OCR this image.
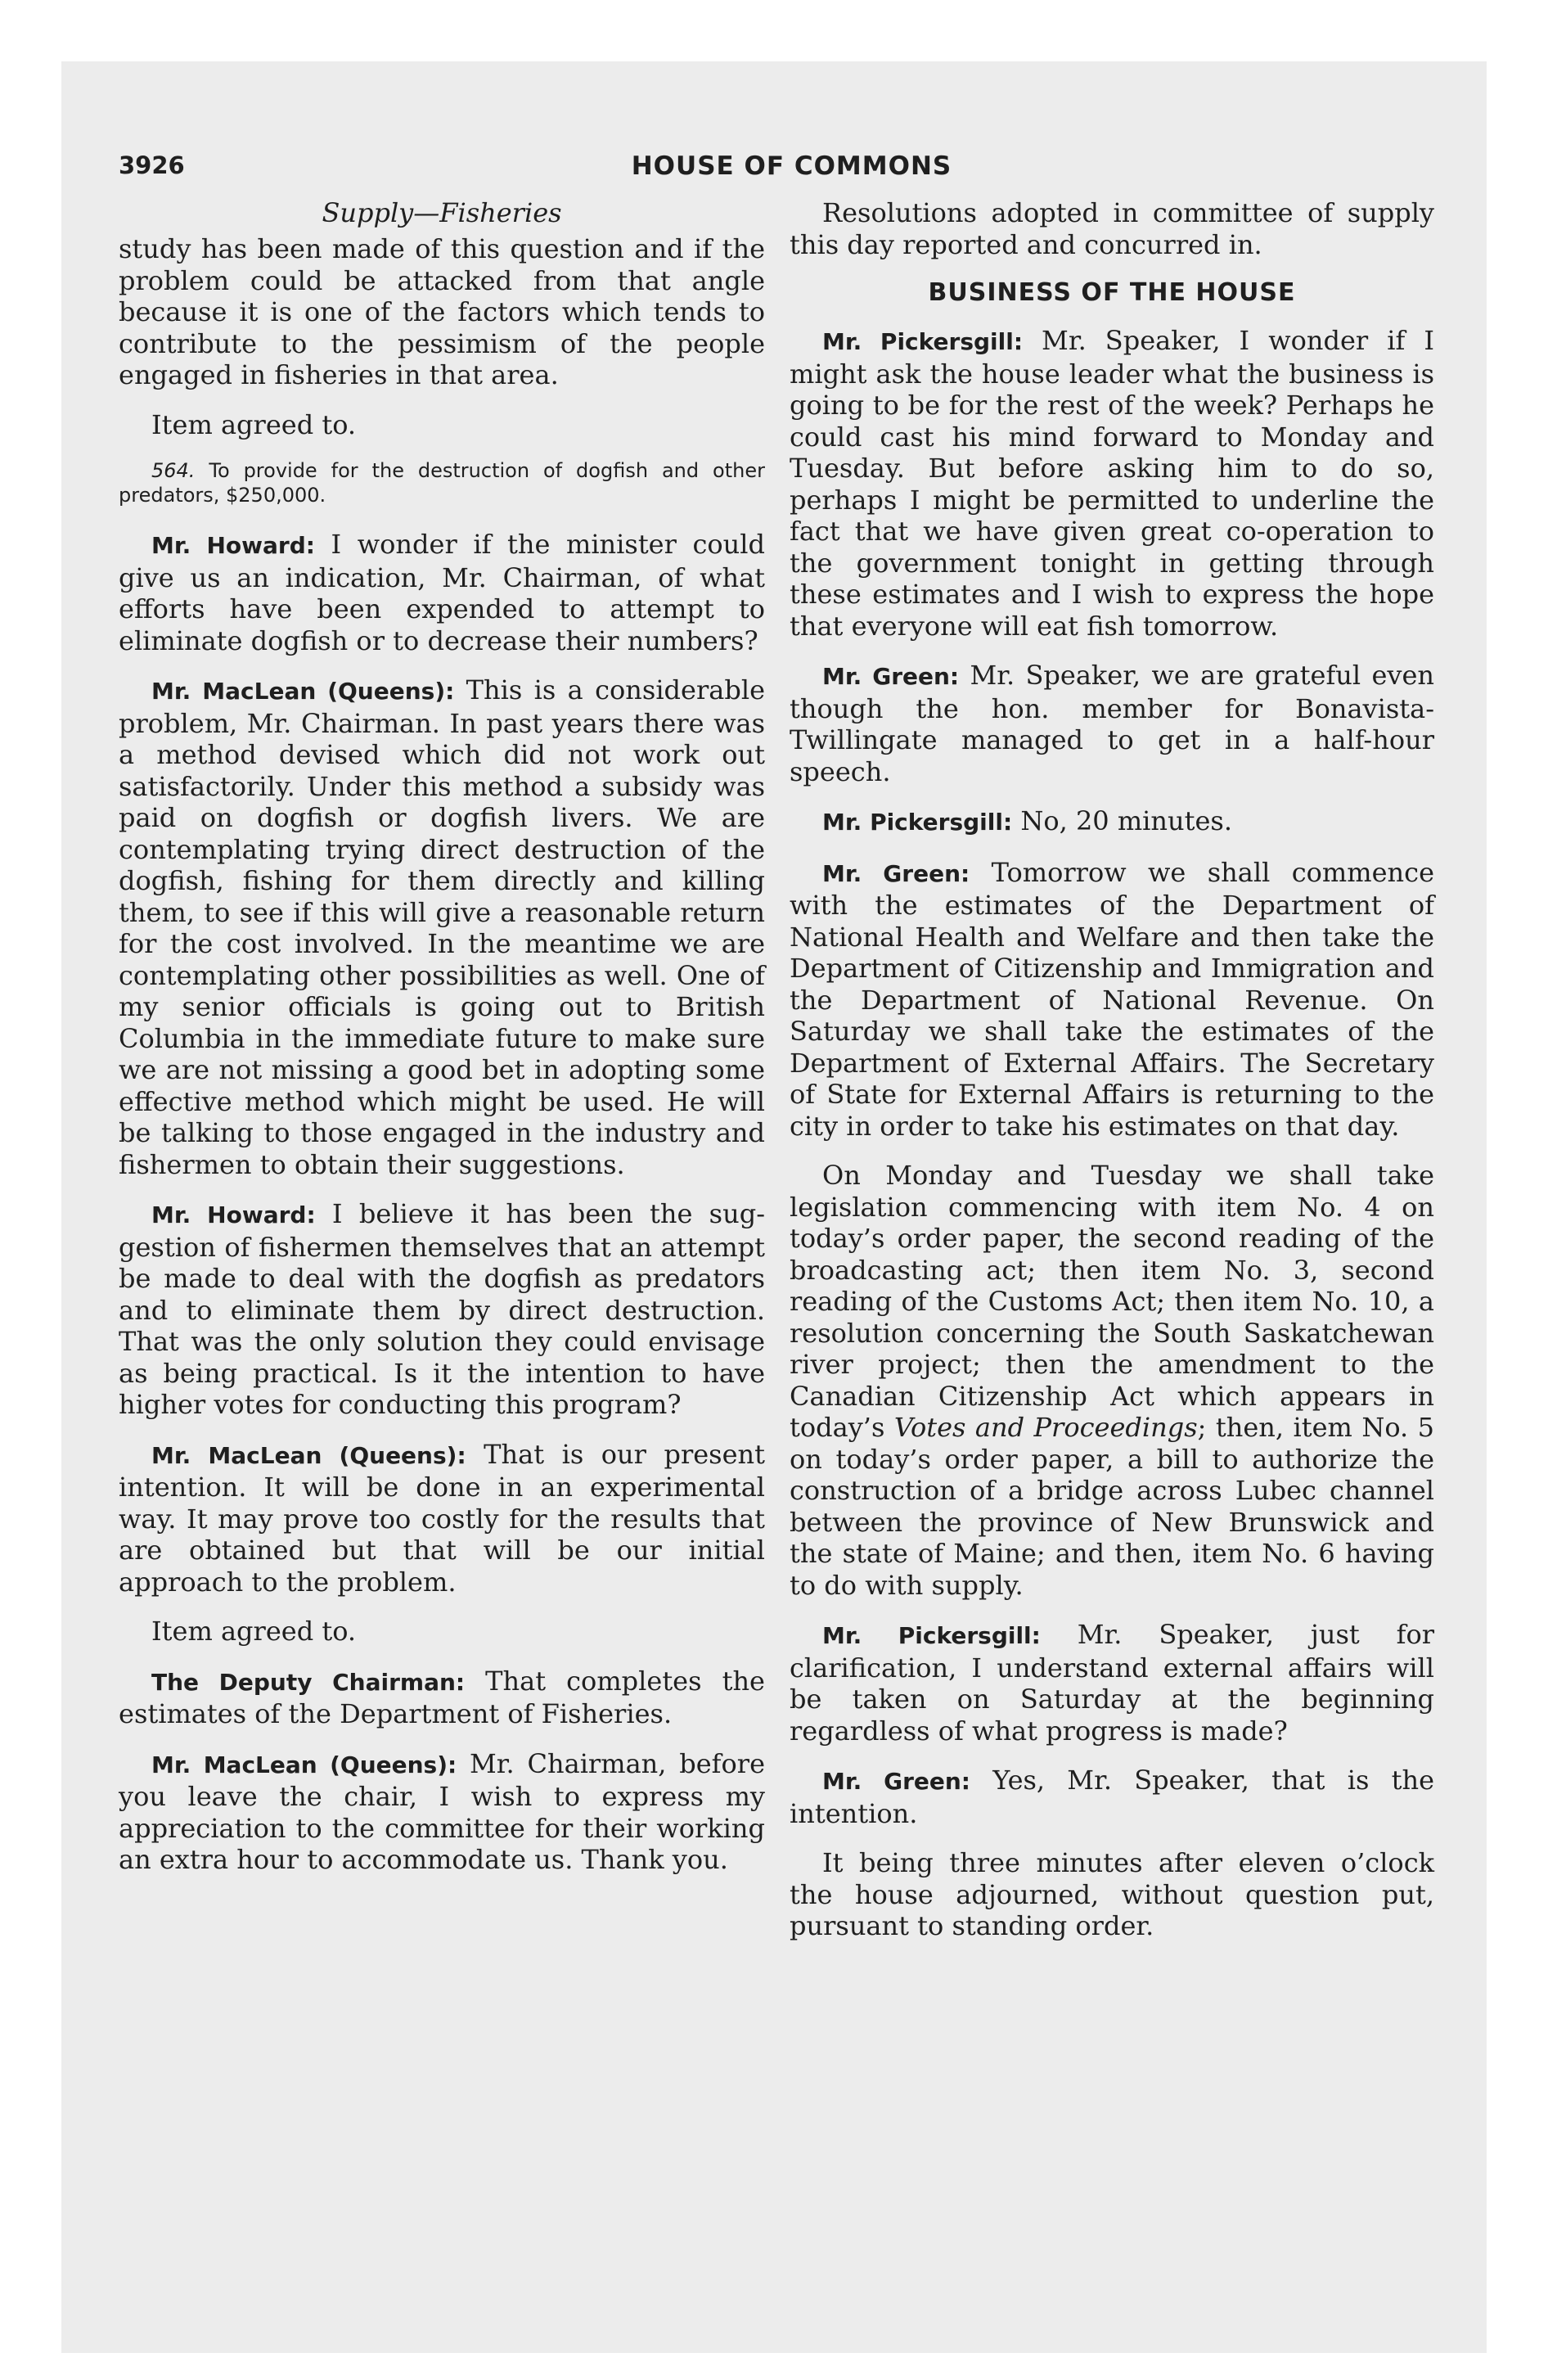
3926	HOUSE OF COMMONS
Supply—Fisheries

study has been made of this question and if the problem could be attacked from that angle because it is one of the factors which tends to contribute to the pessimism of the people engaged in fisheries in that area.

Item agreed to.

564. To provide for the destruction of dogfish and other predators, $250,000.

Mr. Howard: I wonder if the minister could give us an indication, Mr. Chairman, of what efforts have been expended to attempt to eliminate dogfish or to decrease their numbers?

Mr. MacLean (Queens): This is a considerable problem, Mr. Chairman. In past years there was a method devised which did not work out satisfactorily. Under this method a subsidy was paid on dogfish or dogfish livers. We are contemplating trying direct destruction of the dogfish, fishing for them directly and killing them, to see if this will give a reasonable return for the cost involved. In the meantime we are contemplating other possibilities as well. One of my senior officials is going out to British Columbia in the immediate future to make sure we are not missing a good bet in adopting some effective method which might be used. He will be talking to those engaged in the industry and fishermen to obtain their suggestions.

Mr. Howard: I believe it has been the suggestion of fishermen themselves that an attempt be made to deal with the dogfish as predators and to eliminate them by direct destruction. That was the only solution they could envisage as being practical. Is it the intention to have higher votes for conducting this program?

Mr. MacLean (Queens): That is our present intention. It will be done in an experimental way. It may prove too costly for the results that are obtained but that will be our initial approach to the problem.

Item agreed to.

The Deputy Chairman: That completes the estimates of the Department of Fisheries.

Mr. MacLean (Queens): Mr. Chairman, before you leave the chair, I wish to express my appreciation to the committee for their working an extra hour to accommodate us. Thank you.

Resolutions adopted in committee of supply this day reported and concurred in.

BUSINESS OF THE HOUSE

Mr. Pickersgill: Mr. Speaker, I wonder if I might ask the house leader what the business is going to be for the rest of the week? Perhaps he could cast his mind forward to Monday and Tuesday. But before asking him to do so, perhaps I might be permitted to underline the fact that we have given great co-operation to the government tonight in getting through these estimates and I wish to express the hope that everyone will eat fish tomorrow.

Mr. Green: Mr. Speaker, we are grateful even though the hon. member for Bonavista-Twillingate managed to get in a half-hour speech.

Mr. Pickersgill: No, 20 minutes.

Mr. Green: Tomorrow we shall commence with the estimates of the Department of National Health and Welfare and then take the Department of Citizenship and Immigration and the Department of National Revenue. On Saturday we shall take the estimates of the Department of External Affairs. The Secretary of State for External Affairs is returning to the city in order to take his estimates on that day.

On Monday and Tuesday we shall take legislation commencing with item No. 4 on today’s order paper, the second reading of the broadcasting act; then item No. 3, second reading of the Customs Act; then item No. 10, a resolution concerning the South Saskatchewan river project; then the amendment to the Canadian Citizenship Act which appears in today’s Votes and Proceedings; then, item No. 5 on today’s order paper, a bill to authorize the construction of a bridge across Lubec channel between the province of New Brunswick and the state of Maine; and then, item No. 6 having to do with supply.

Mr. Pickersgill: Mr. Speaker, just for clarification, I understand external affairs will be taken on Saturday at the beginning regardless of what progress is made?

Mr. Green: Yes, Mr. Speaker, that is the intention.

It being three minutes after eleven o’clock the house adjourned, without question put, pursuant to standing order.
